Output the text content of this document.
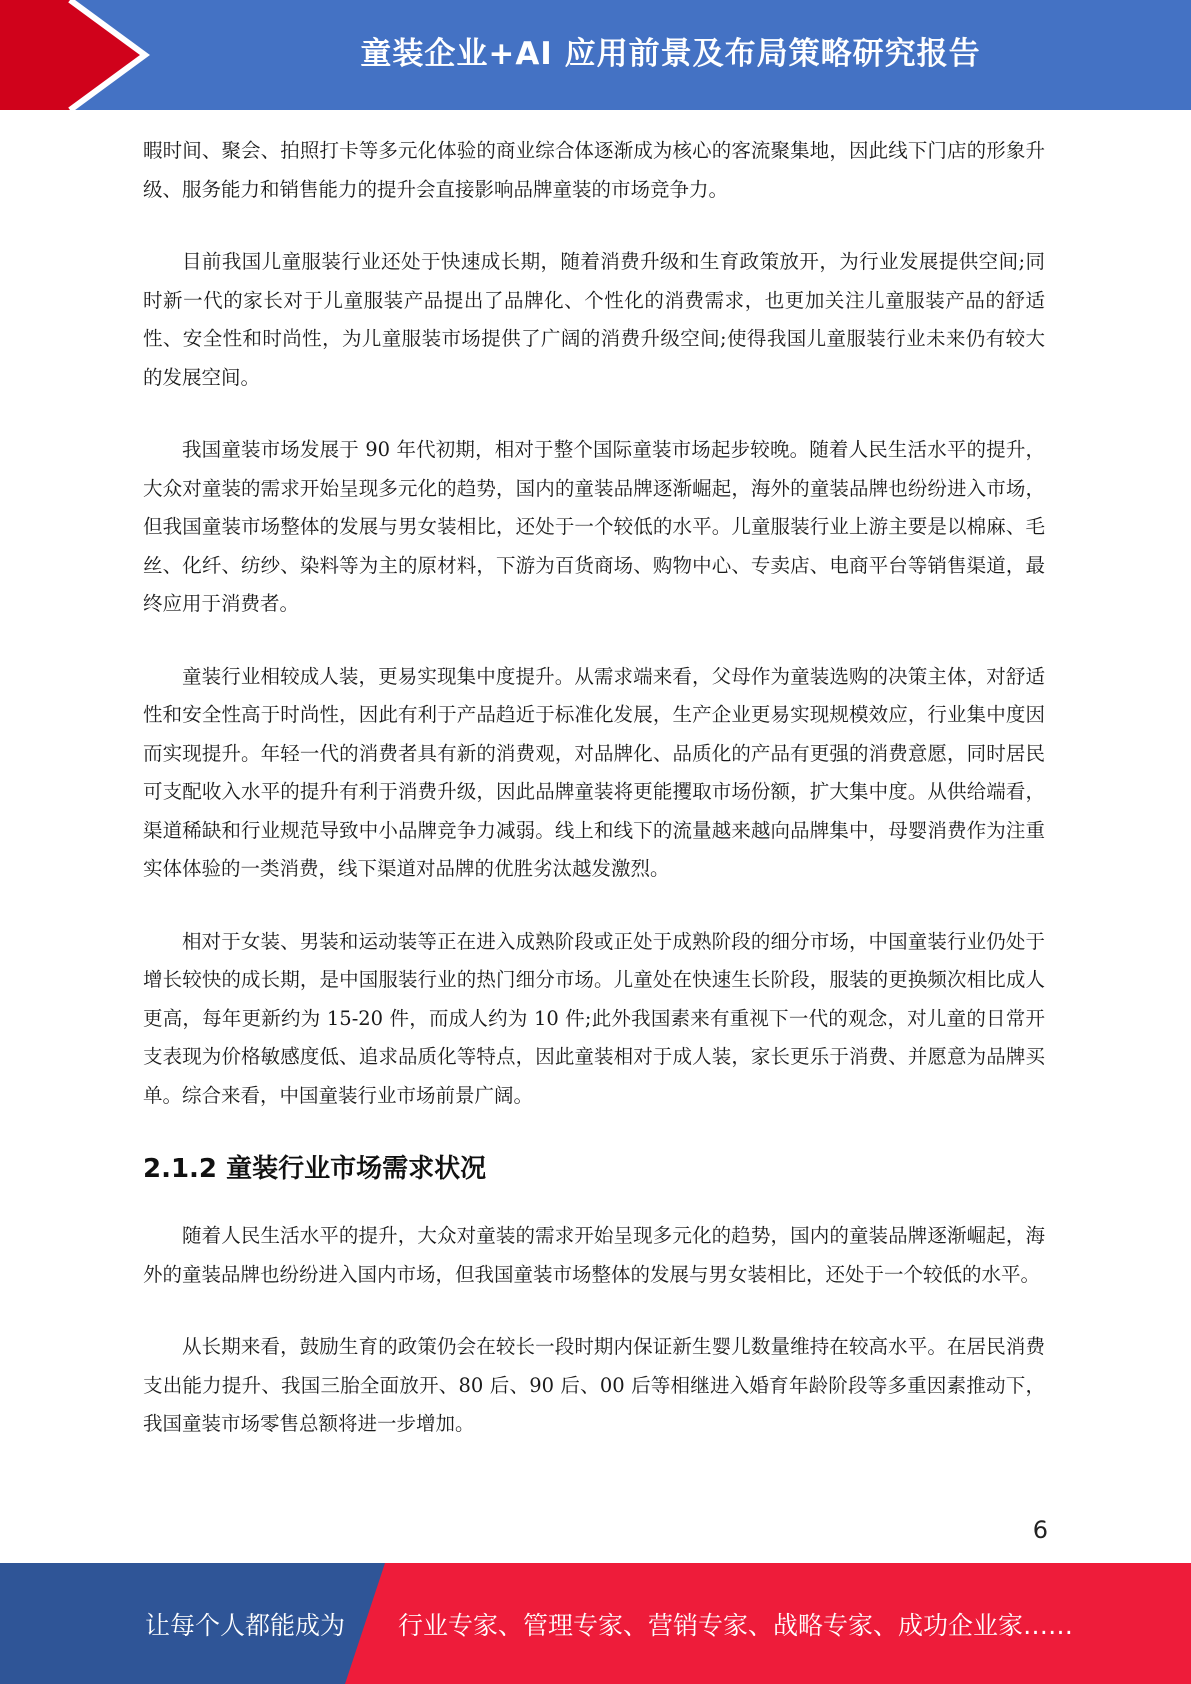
童装企业+AI 应用前景及布局策略研究报告

暇时间、聚会、拍照打卡等多元化体验的商业综合体逐渐成为核心的客流聚集地，因此线下门店的形象升级、服务能力和销售能力的提升会直接影响品牌童装的市场竞争力。

目前我国儿童服装行业还处于快速成长期，随着消费升级和生育政策放开，为行业发展提供空间;同时新一代的家长对于儿童服装产品提出了品牌化、个性化的消费需求，也更加关注儿童服装产品的舒适性、安全性和时尚性，为儿童服装市场提供了广阔的消费升级空间;使得我国儿童服装行业未来仍有较大的发展空间。

我国童装市场发展于 90 年代初期，相对于整个国际童装市场起步较晚。随着人民生活水平的提升，大众对童装的需求开始呈现多元化的趋势，国内的童装品牌逐渐崛起，海外的童装品牌也纷纷进入市场，但我国童装市场整体的发展与男女装相比，还处于一个较低的水平。儿童服装行业上游主要是以棉麻、毛丝、化纤、纺纱、染料等为主的原材料，下游为百货商场、购物中心、专卖店、电商平台等销售渠道，最终应用于消费者。

童装行业相较成人装，更易实现集中度提升。从需求端来看，父母作为童装选购的决策主体，对舒适性和安全性高于时尚性，因此有利于产品趋近于标准化发展，生产企业更易实现规模效应，行业集中度因而实现提升。年轻一代的消费者具有新的消费观，对品牌化、品质化的产品有更强的消费意愿，同时居民可支配收入水平的提升有利于消费升级，因此品牌童装将更能攫取市场份额，扩大集中度。从供给端看，渠道稀缺和行业规范导致中小品牌竞争力减弱。线上和线下的流量越来越向品牌集中，母婴消费作为注重实体体验的一类消费，线下渠道对品牌的优胜劣汰越发激烈。

相对于女装、男装和运动装等正在进入成熟阶段或正处于成熟阶段的细分市场，中国童装行业仍处于增长较快的成长期，是中国服装行业的热门细分市场。儿童处在快速生长阶段，服装的更换频次相比成人更高，每年更新约为 15-20 件，而成人约为 10 件;此外我国素来有重视下一代的观念，对儿童的日常开支表现为价格敏感度低、追求品质化等特点，因此童装相对于成人装，家长更乐于消费、并愿意为品牌买单。综合来看，中国童装行业市场前景广阔。

2.1.2 童装行业市场需求状况

随着人民生活水平的提升，大众对童装的需求开始呈现多元化的趋势，国内的童装品牌逐渐崛起，海外的童装品牌也纷纷进入国内市场，但我国童装市场整体的发展与男女装相比，还处于一个较低的水平。

从长期来看，鼓励生育的政策仍会在较长一段时期内保证新生婴儿数量维持在较高水平。在居民消费支出能力提升、我国三胎全面放开、80 后、90 后、00 后等相继进入婚育年龄阶段等多重因素推动下，我国童装市场零售总额将进一步增加。

6
让每个人都能成为 行业专家、管理专家、营销专家、战略专家、成功企业家……
